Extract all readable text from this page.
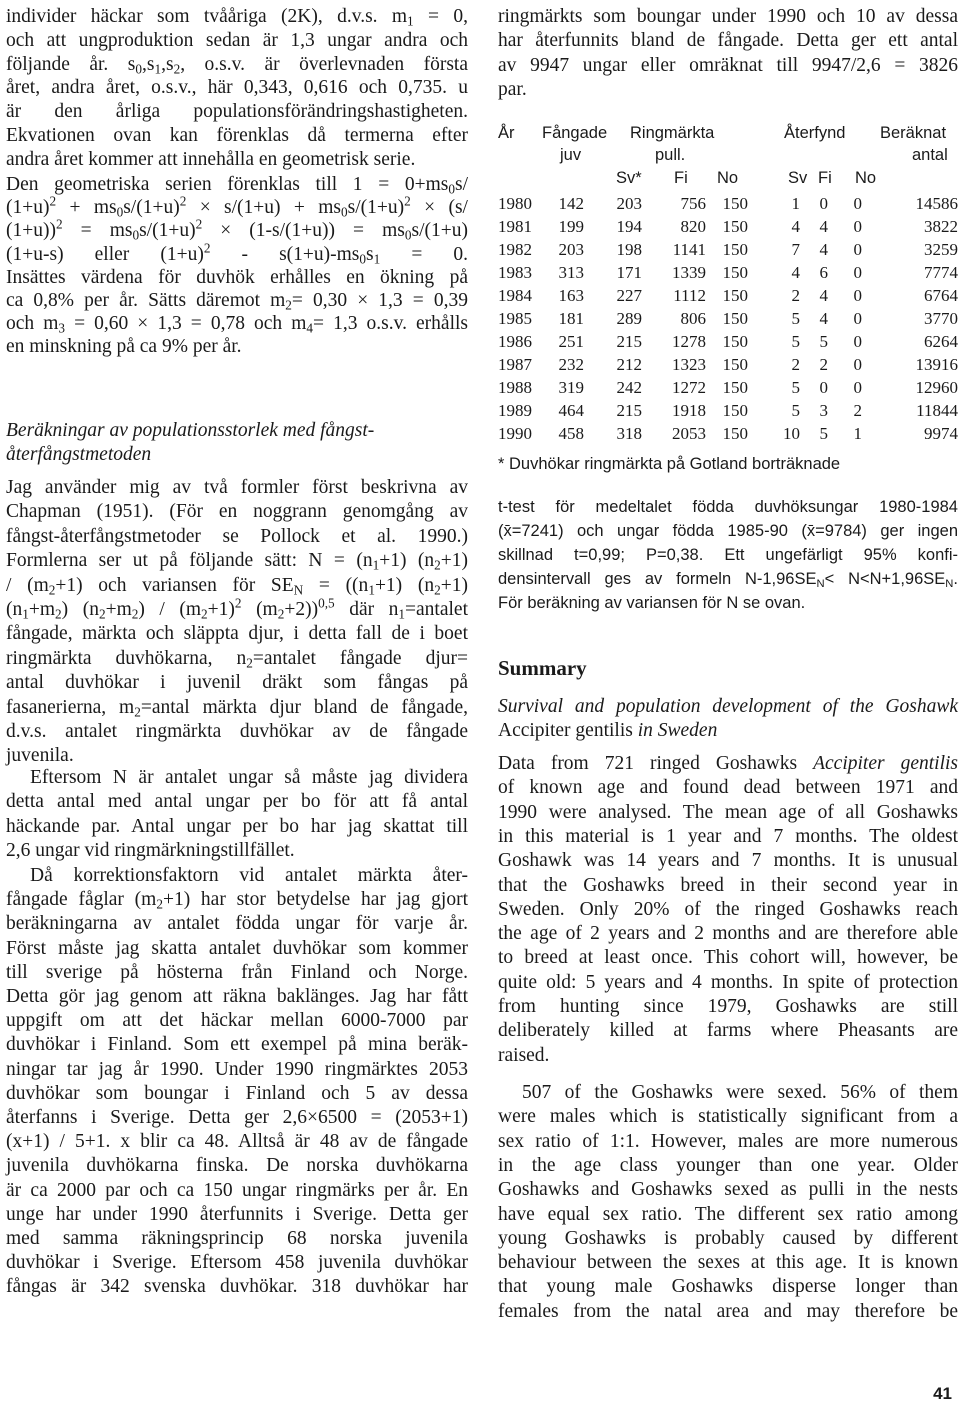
individer häckar som tvååriga (2K), d.v.s. $m_1 = 0$,
och att ungproduktion sedan är 1,3 ungar andra och
följande år. $s_0,s_1,s_2$, o.s.v. är överlevnaden första
året, andra året, o.s.v., här 0,343, 0,616 och 0,735. u
är den årliga populationsförändringshastigheten.
Ekvationen ovan kan förenklas då termerna efter
andra året kommer att innehålla en geometrisk serie.
Den geometriska serien förenklas till $1 = 0+ms_0s/$
$(1+u)^2 + ms_0s/(1+u)^2 \times s/(1+u) + ms_0s/(1+u)^2 \times (s/$
$(1+u))^2 = ms_0s/(1+u)^2 \times (1-s/(1+u)) = ms_0s/(1+u)$
(1+u-s) eller $(1+u)^2 - s(1+u)-ms_0s_1 = 0$.
Insättes värdena för duvhök erhålles en ökning på
ca 0,8% per år. Sätts däremot $m_2= 0,30 \times 1,3 = 0,39$
och $m_3 = 0,60 \times 1,3 = 0,78$ och $m_4= 1,3$ o.s.v. erhålls
en minskning på ca 9% per år.
Beräkningar av populationsstorlek med fångst-
återfångstmetoden
Jag använder mig av två formler först beskrivna av
Chapman (1951). (För en noggrann genomgång av
fångst-återfångstmetoder se Pollock et al. 1990.)
Formlerna ser ut på följande sätt: $N = (n_1+1)$ $(n_2+1)$
/ $(m_2+1)$ och variansen för $SE_N = ((n_1+1)$ $(n_2+1)$
$(n_1+m_2)$ $(n_2+m_2) / (m_2+1)^2$ $(m_2+2))^{0,5}$ där $n_1=antalet$
fångade, märkta och släppta djur, i detta fall de i boet
ringmärkta duvhökarna, $n_2=antalet$ fångade djur=
antal duvhökar i juvenil dräkt som fångas på
fasanerierna, $m_2=antal$ märkta djur bland de fångade,
d.v.s. antalet ringmärkta duvhökar av de fångade
juvenila.
Eftersom N är antalet ungar så måste jag dividera
detta antal med antal ungar per bo för att få antal
häckande par. Antal ungar per bo har jag skattat till
2,6 ungar vid ringmärkningstillfället.
Då korrektionsfaktorn vid antalet märkta åter-
fångade fåglar $(m_2+1)$ har stor betydelse har jag gjort
beräkningarna av antalet födda ungar för varje år.
Först måste jag skatta antalet duvhökar som kommer
till sverige på hösterna från Finland och Norge.
Detta gör jag genom att räkna baklänges. Jag har fått
uppgift om att det häckar mellan 6000-7000 par
duvhökar i Finland. Som ett exempel på mina beräk-
ningar tar jag år 1990. Under 1990 ringmärktes 2053
duvhökar som boungar i Finland och 5 av dessa
återfanns i Sverige. Detta ger 2,6×6500 = (2053+1)
(x+1) / 5+1. x blir ca 48. Alltså är 48 av de fångade
juvenila duvhökarna finska. De norska duvhökarna
är ca 2000 par och ca 150 ungar ringmärks per år. En
unge har under 1990 återfunnits i Sverige. Detta ger
med samma räkningsprincip 68 norska juvenila
duvhökar i Sverige. Eftersom 458 juvenila duvhökar
fångas är 342 svenska duvhökar. 318 duvhökar har
ringmärkts som boungar under 1990 och 10 av dessa
har återfunnits bland de fångade. Detta ger ett antal
av 9947 ungar eller omräknat till 9947/2,6 = 3826
par.
År Fångade Ringmärkta	Återfynd Beräknat
juv	pull.	antal
Sv* Fi No	Sv Fi No
1980 142 203 756 150	1 0 0	14586
1981 199 194 820 150	4 4 0	3822
1982 203 198 1141 150	7 4 0	3259
1983 313 171 1339 150	4 6 0	7774
1984 163 227 1112 150	2 4 0	6764
1985 181 289 806 150	5 4 0	3770
1986 251 215 1278 150	5 5 0	6264
1987 232 212 1323 150	2 2 0	13916
1988 319 242 1272 150	5 0 0	12960
1989 464 215 1918 150	5 3 2	11844
1990 458 318 2053 150 10 5 1	9974
* Duvhökar ringmärkta på Gotland borträknade
t-test för medeltalet födda duvhöksungar 1980-1984
(x̄=7241) och ungar födda 1985-90 (x̄=9784) ger ingen
skillnad t=0,99; P=0,38. Ett ungefärligt 95% konfi-
densintervall ges av formeln $N-1,96SE_N< N<N+1,96SE_N$.
För beräkning av variansen för N se ovan.
Summary
Survival and population development of the Goshawk
Accipiter gentilis in Sweden
Data from 721 ringed Goshawks Accipiter gentilis
of known age and found dead between 1971 and
1990 were analysed. The mean age of all Goshawks
in this material is 1 year and 7 months. The oldest
Goshawk was 14 years and 7 months. It is unusual
that the Goshawks breed in their second year in
Sweden. Only 20% of the ringed Goshawks reach
the age of 2 years and 2 months and are therefore able
to breed at least once. This cohort will, however, be
quite old: 5 years and 4 months. In spite of protection
from hunting since 1979, Goshawks are still
deliberately killed at farms where Pheasants are
raised.
507 of the Goshawks were sexed. 56% of them
were males which is statistically significant from a
sex ratio of 1:1. However, males are more numerous
in the age class younger than one year. Older
Goshawks and Goshawks sexed as pulli in the nests
have equal sex ratio. The different sex ratio among
young Goshawks is probably caused by different
behaviour between the sexes at this age. It is known
that young male Goshawks disperse longer than
females from the natal area and may therefore be
41
